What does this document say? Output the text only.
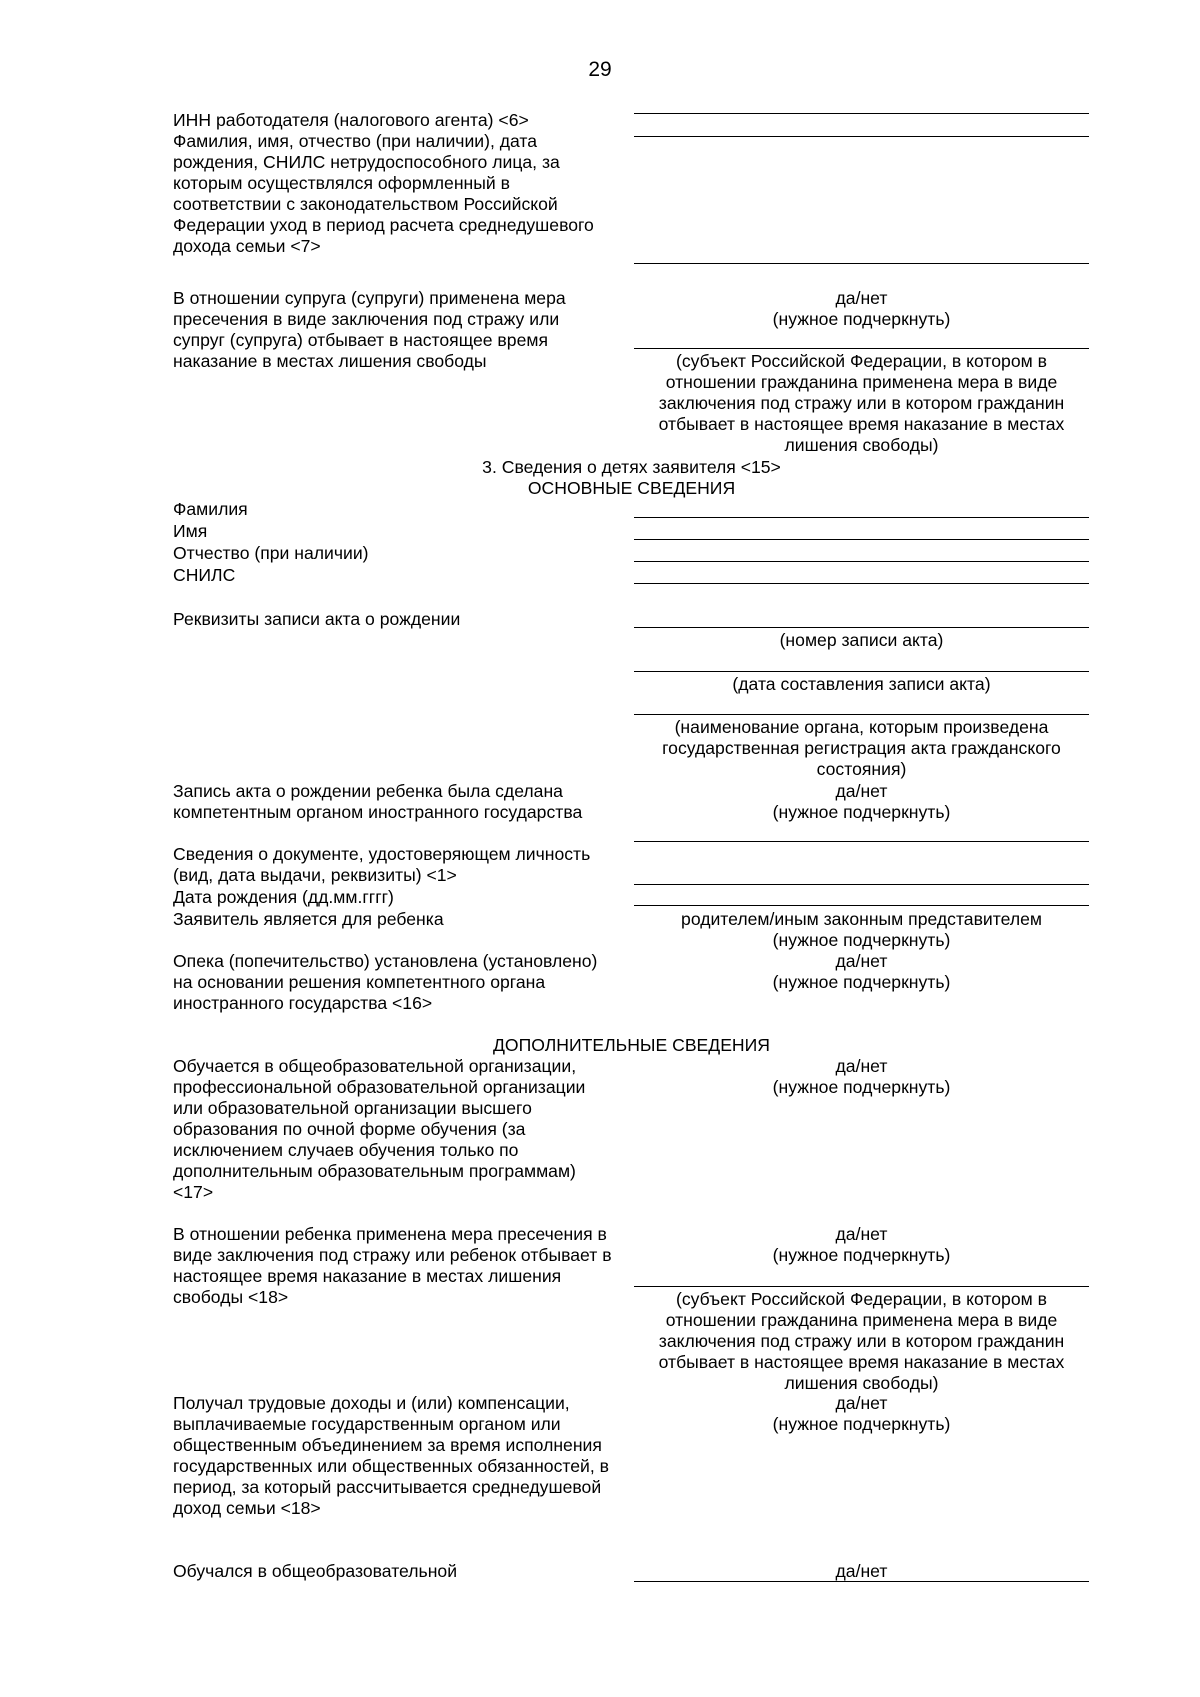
29
ИНН работодателя (налогового агента) <6>
Фамилия, имя, отчество (при наличии), дата рождения, СНИЛС нетрудоспособного лица, за которым осуществлялся оформленный в соответствии с законодательством Российской Федерации уход в период расчета среднедушевого дохода семьи <7>
В отношении супруга (супруги) применена мера пресечения в виде заключения под стражу или супруг (супруга) отбывает в настоящее время наказание в местах лишения свободы
да/нет
(нужное подчеркнуть)
(субъект Российской Федерации, в котором в отношении гражданина применена мера в виде заключения под стражу или в котором гражданин отбывает в настоящее время наказание в местах лишения свободы)
3. Сведения о детях заявителя <15>
ОСНОВНЫЕ СВЕДЕНИЯ
Фамилия
Имя
Отчество (при наличии)
СНИЛС
Реквизиты записи акта о рождении
(номер записи акта)
(дата составления записи акта)
(наименование органа, которым произведена государственная регистрация акта гражданского состояния)
Запись акта о рождении ребенка была сделана компетентным органом иностранного государства
да/нет
(нужное подчеркнуть)
Сведения о документе, удостоверяющем личность (вид, дата выдачи, реквизиты) <1>
Дата рождения (дд.мм.гггг)
Заявитель является для ребенка	родителем/иным законным представителем
(нужное подчеркнуть)
Опека (попечительство) установлена (установлено) на основании решения компетентного органа иностранного государства <16>
да/нет
(нужное подчеркнуть)
ДОПОЛНИТЕЛЬНЫЕ СВЕДЕНИЯ
Обучается в общеобразовательной организации, профессиональной образовательной организации или образовательной организации высшего образования по очной форме обучения (за исключением случаев обучения только по дополнительным образовательным программам) <17>
да/нет
(нужное подчеркнуть)
В отношении ребенка применена мера пресечения в виде заключения под стражу или ребенок отбывает в настоящее время наказание в местах лишения свободы <18>
да/нет
(нужное подчеркнуть)
(субъект Российской Федерации, в котором в отношении гражданина применена мера в виде заключения под стражу или в котором гражданин отбывает в настоящее время наказание в местах лишения свободы)
Получал трудовые доходы и (или) компенсации, выплачиваемые государственным органом или общественным объединением за время исполнения государственных или общественных обязанностей, в период, за который рассчитывается среднедушевой доход семьи <18>
да/нет
(нужное подчеркнуть)
Обучался в общеобразовательной	да/нет
